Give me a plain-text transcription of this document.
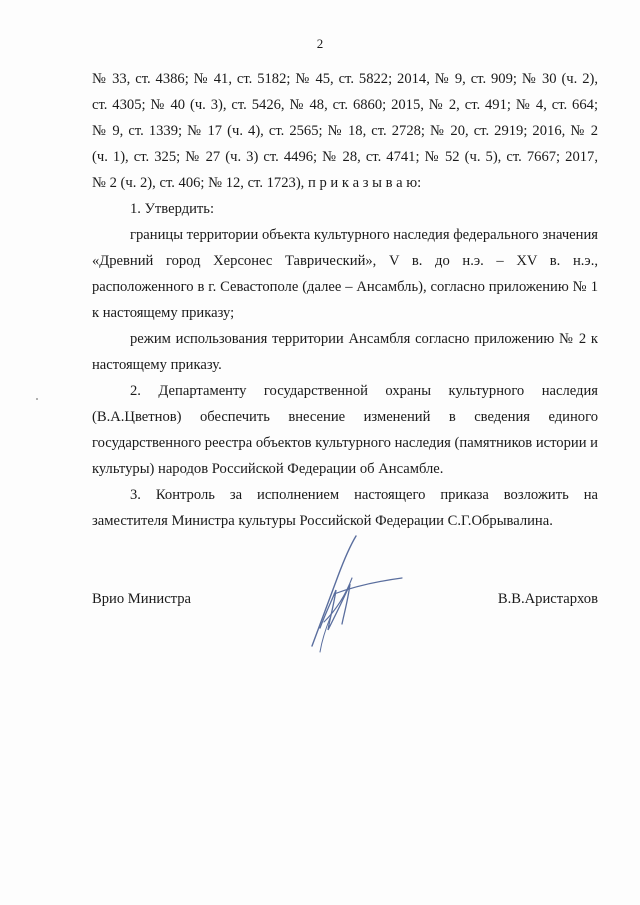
2

№ 33, ст. 4386; № 41, ст. 5182; № 45, ст. 5822; 2014, № 9, ст. 909; № 30 (ч. 2),

ст. 4305; № 40 (ч. 3), ст. 5426, № 48, ст. 6860; 2015, № 2, ст. 491; № 4, ст. 664;

№ 9, ст. 1339; № 17 (ч. 4), ст. 2565; № 18, ст. 2728; № 20, ст. 2919; 2016, № 2

(ч. 1), ст. 325; № 27 (ч. 3) ст. 4496; № 28, ст. 4741; № 52 (ч. 5), ст. 7667; 2017,

№ 2 (ч. 2), ст. 406; № 12, ст. 1723), п р и к а з ы в а ю:

1. Утвердить:

границы территории объекта культурного наследия федерального значения «Древний город Херсонес Таврический», V в. до н.э. – XV в. н.э., расположенного в г. Севастополе (далее – Ансамбль), согласно приложению № 1 к настоящему приказу;

режим использования территории Ансамбля согласно приложению № 2 к настоящему приказу.

2. Департаменту государственной охраны культурного наследия (В.А.Цветнов) обеспечить внесение изменений в сведения единого государственного реестра объектов культурного наследия (памятников истории и культуры) народов Российской Федерации об Ансамбле.

3. Контроль за исполнением настоящего приказа возложить на заместителя Министра культуры Российской Федерации С.Г.Обрывалина.

Врио Министра	В.В.Аристархов
